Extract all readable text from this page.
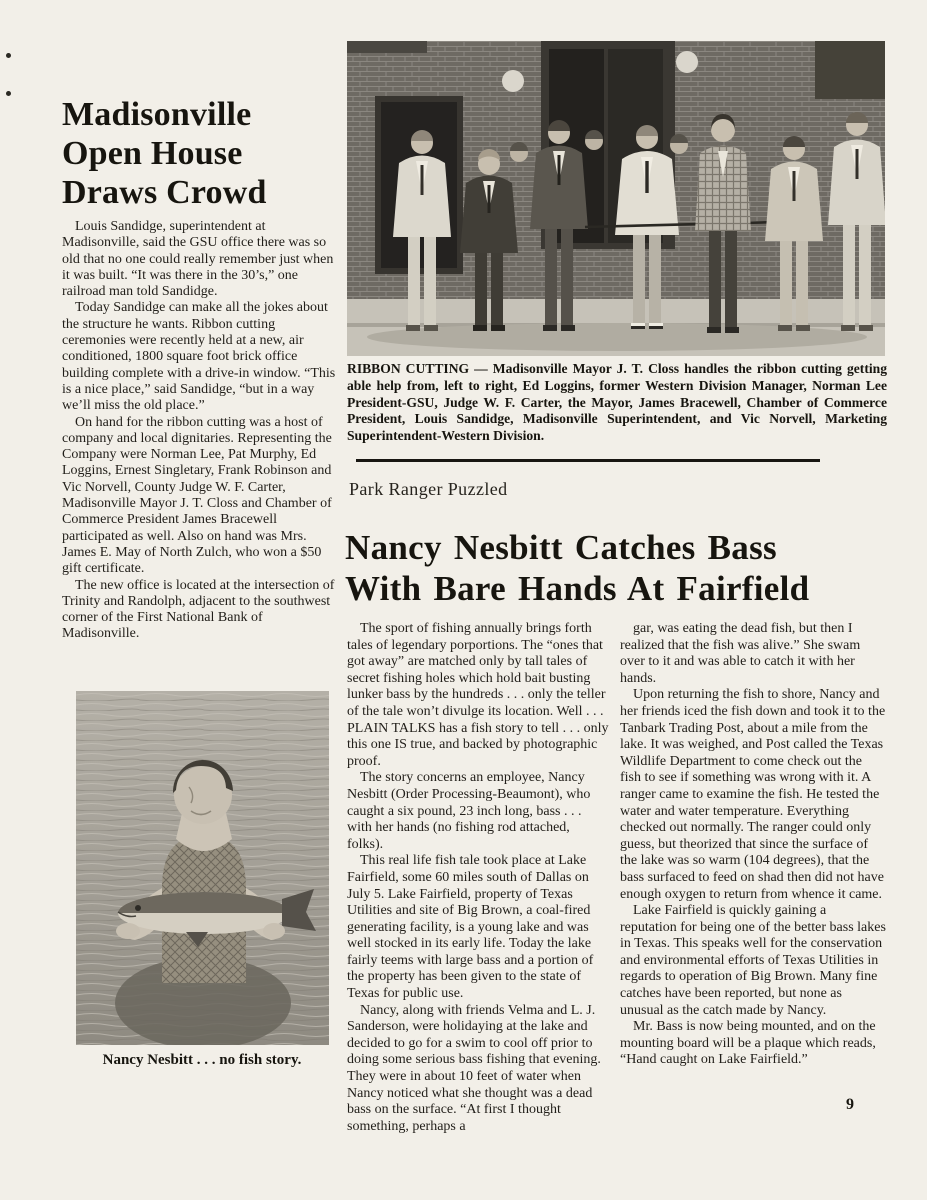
Madisonville
Open House
Draws Crowd

Louis Sandidge, superintendent at Madisonville, said the GSU office there was so old that no one could really remember just when it was built. “It was there in the 30’s,” one railroad man told Sandidge.

Today Sandidge can make all the jokes about the structure he wants. Ribbon cutting ceremonies were recently held at a new, air conditioned, 1800 square foot brick office building complete with a drive-in window. “This is a nice place,” said Sandidge, “but in a way we’ll miss the old place.”

On hand for the ribbon cutting was a host of company and local dignitaries. Representing the Company were Norman Lee, Pat Murphy, Ed Loggins, Ernest Singletary, Frank Robinson and Vic Norvell, County Judge W. F. Carter, Madisonville Mayor J. T. Closs and Chamber of Commerce President James Bracewell participated as well. Also on hand was Mrs. James E. May of North Zulch, who won a $50 gift certificate.

The new office is located at the intersection of Trinity and Randolph, adjacent to the southwest corner of the First National Bank of Madisonville.

RIBBON CUTTING — Madisonville Mayor J. T. Closs handles the ribbon cutting getting able help from, left to right, Ed Loggins, former Western Division Manager, Norman Lee President-GSU, Judge W. F. Carter, the Mayor, James Bracewell, Chamber of Commerce President, Louis Sandidge, Madisonville Superintendent, and Vic Norvell, Marketing Superintendent-Western Division.
Park Ranger Puzzled
Nancy Nesbitt Catches Bass
With Bare Hands At Fairfield

The sport of fishing annually brings forth tales of legendary porportions. The “ones that got away” are matched only by tall tales of secret fishing holes which hold bait busting lunker bass by the hundreds . . . only the teller of the tale won’t divulge its location. Well . . . PLAIN TALKS has a fish story to tell . . . only this one IS true, and backed by photographic proof.

The story concerns an employee, Nancy Nesbitt (Order Processing-Beaumont), who caught a six pound, 23 inch long, bass . . . with her hands (no fishing rod attached, folks).

This real life fish tale took place at Lake Fairfield, some 60 miles south of Dallas on July 5. Lake Fairfield, property of Texas Utilities and site of Big Brown, a coal-fired generating facility, is a young lake and was well stocked in its early life. Today the lake fairly teems with large bass and a portion of the property has been given to the state of Texas for public use.

Nancy, along with friends Velma and L. J. Sanderson, were holidaying at the lake and decided to go for a swim to cool off prior to doing some serious bass fishing that evening. They were in about 10 feet of water when Nancy noticed what she thought was a dead bass on the surface. “At first I thought something, perhaps a

gar, was eating the dead fish, but then I realized that the fish was alive.” She swam over to it and was able to catch it with her hands.

Upon returning the fish to shore, Nancy and her friends iced the fish down and took it to the Tanbark Trading Post, about a mile from the lake. It was weighed, and Post called the Texas Wildlife Department to come check out the fish to see if something was wrong with it. A ranger came to examine the fish. He tested the water and water temperature. Everything checked out normally. The ranger could only guess, but theorized that since the surface of the lake was so warm (104 degrees), that the bass surfaced to feed on shad then did not have enough oxygen to return from whence it came.

Lake Fairfield is quickly gaining a reputation for being one of the better bass lakes in Texas. This speaks well for the conservation and environmental efforts of Texas Utilities in regards to operation of Big Brown. Many fine catches have been reported, but none as unusual as the catch made by Nancy.

Mr. Bass is now being mounted, and on the mounting board will be a plaque which reads, “Hand caught on Lake Fairfield.”

Nancy Nesbitt . . . no fish story.
9
